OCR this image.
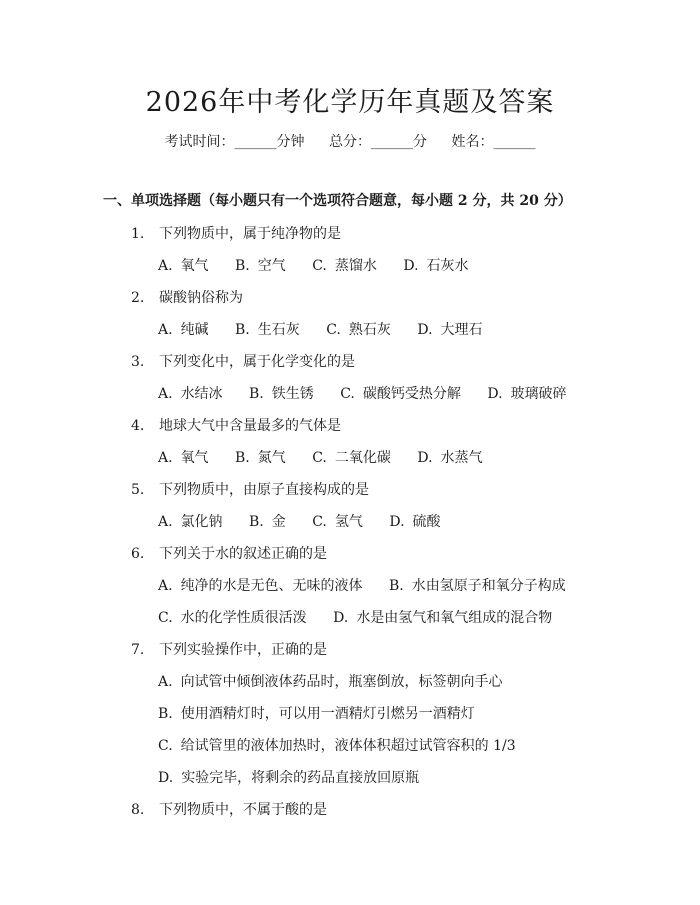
2026年中考化学历年真题及答案
考试时间：______分钟 总分：______分 姓名：______
一、单项选择题（每小题只有一个选项符合题意，每小题 2 分，共 20 分）
1. 下列物质中，属于纯净物的是
A. 氧气 B. 空气 C. 蒸馏水 D. 石灰水
2. 碳酸钠俗称为
A. 纯碱 B. 生石灰 C. 熟石灰 D. 大理石
3. 下列变化中，属于化学变化的是
A. 水结冰 B. 铁生锈 C. 碳酸钙受热分解 D. 玻璃破碎
4. 地球大气中含量最多的气体是
A. 氧气 B. 氮气 C. 二氧化碳 D. 水蒸气
5. 下列物质中，由原子直接构成的是
A. 氯化钠 B. 金 C. 氢气 D. 硫酸
6. 下列关于水的叙述正确的是
A. 纯净的水是无色、无味的液体 B. 水由氢原子和氧分子构成
C. 水的化学性质很活泼 D. 水是由氢气和氧气组成的混合物
7. 下列实验操作中，正确的是
A. 向试管中倾倒液体药品时，瓶塞倒放，标签朝向手心
B. 使用酒精灯时，可以用一酒精灯引燃另一酒精灯
C. 给试管里的液体加热时，液体体积超过试管容积的 1/3
D. 实验完毕，将剩余的药品直接放回原瓶
8. 下列物质中，不属于酸的是
